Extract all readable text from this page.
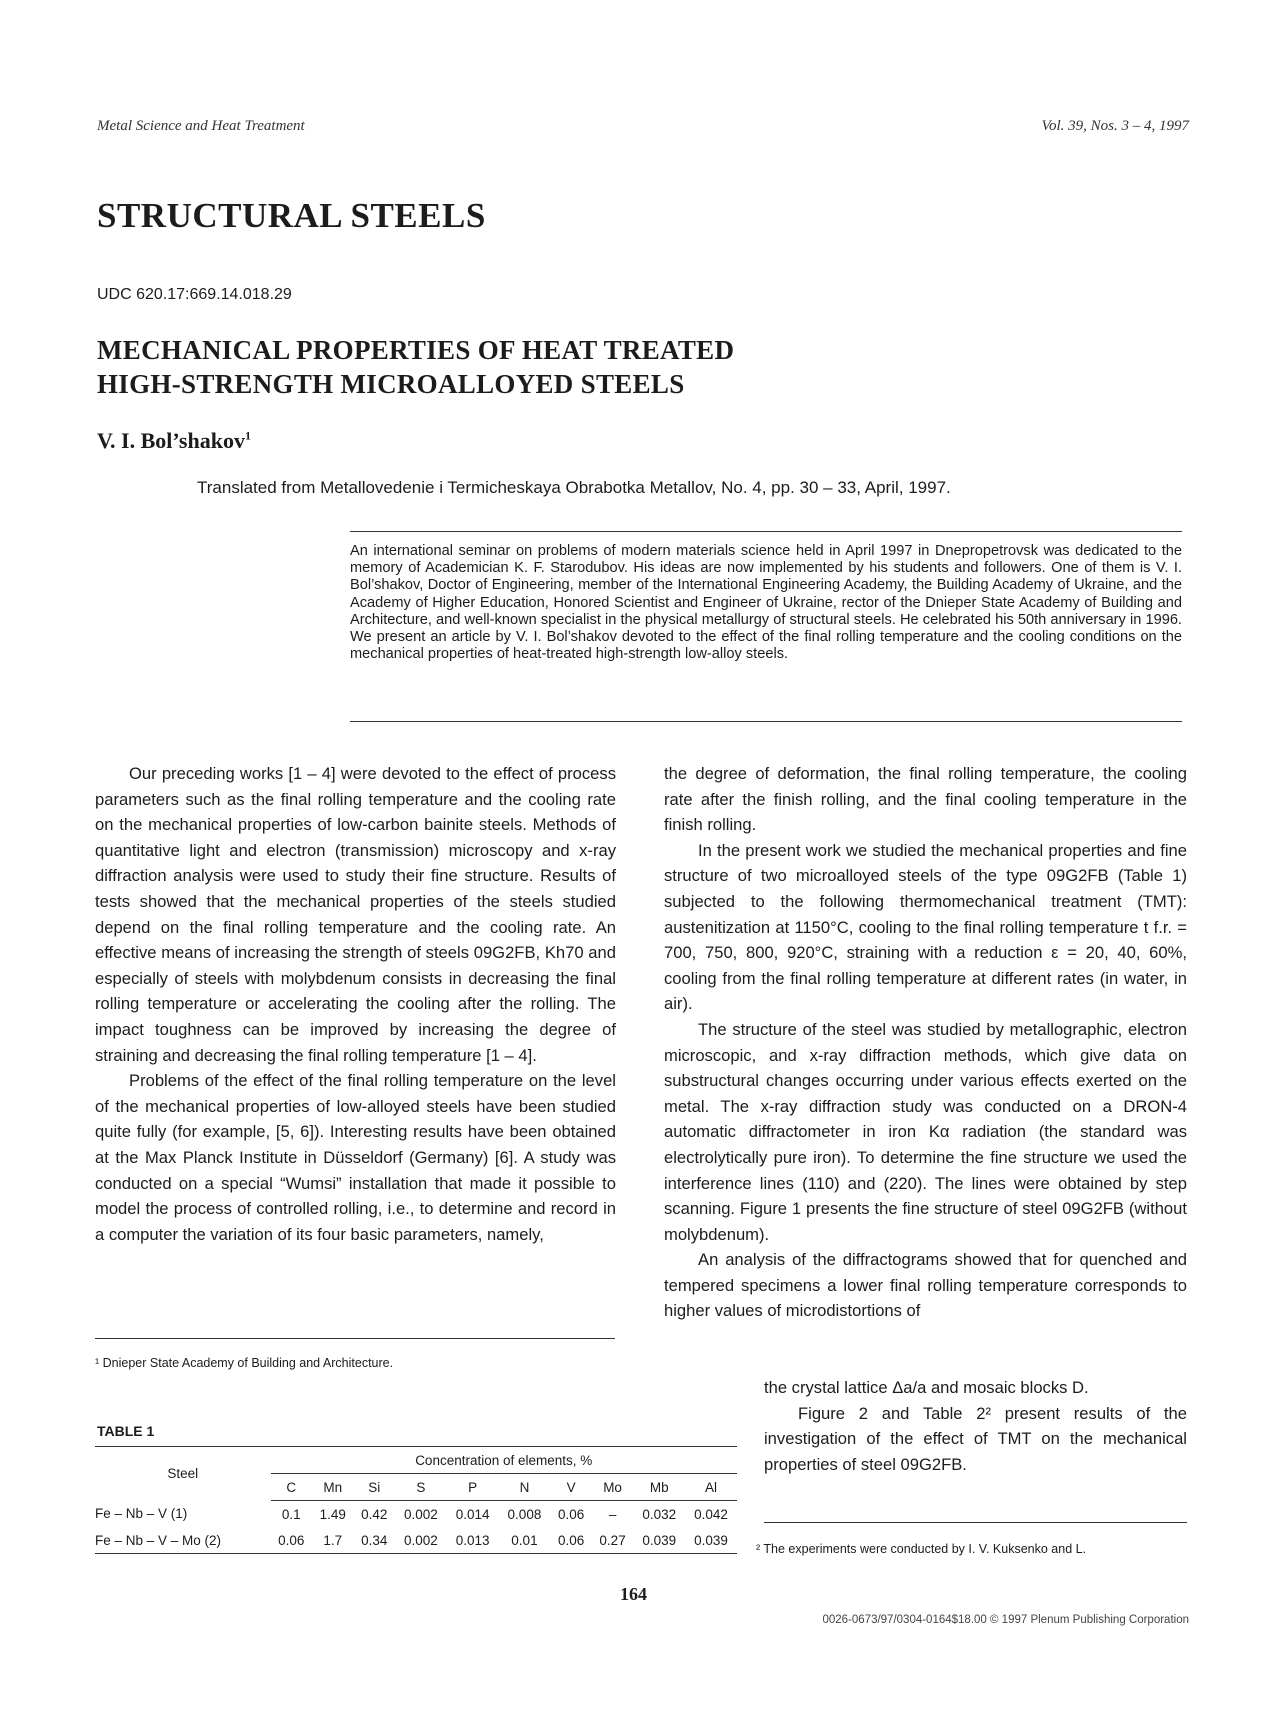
Metal Science and Heat Treatment	Vol. 39, Nos. 3 – 4, 1997
STRUCTURAL STEELS
UDC 620.17:669.14.018.29
MECHANICAL PROPERTIES OF HEAT TREATED
HIGH-STRENGTH MICROALLOYED STEELS
V. I. Bol’shakov$^1$
Translated from Metallovedenie i Termicheskaya Obrabotka Metallov, No. 4, pp. 30 – 33, April, 1997.
An international seminar on problems of modern materials science held in April 1997 in Dnepropetrovsk was dedicated to the memory of Academician K. F. Starodubov. His ideas are now implemented by his students and followers. One of them is V. I. Bol’shakov, Doctor of Engineering, member of the International Engineering Academy, the Building Academy of Ukraine, and the Academy of Higher Education, Honored Scientist and Engineer of Ukraine, rector of the Dnieper State Academy of Building and Architecture, and well-known specialist in the physical metallurgy of structural steels. He celebrated his 50th anniversary in 1996. We present an article by V. I. Bol’shakov devoted to the effect of the final rolling temperature and the cooling conditions on the mechanical properties of heat-treated high-strength low-alloy steels.

Our preceding works [1 – 4] were devoted to the effect of process parameters such as the final rolling temperature and the cooling rate on the mechanical properties of low-carbon bainite steels. Methods of quantitative light and electron (transmission) microscopy and x-ray diffraction analysis were used to study their fine structure. Results of tests showed that the mechanical properties of the steels studied depend on the final rolling temperature and the cooling rate. An effective means of increasing the strength of steels 09G2FB, Kh70 and especially of steels with molybdenum consists in decreasing the final rolling temperature or accelerating the cooling after the rolling. The impact toughness can be improved by increasing the degree of straining and decreasing the final rolling temperature [1 – 4].

Problems of the effect of the final rolling temperature on the level of the mechanical properties of low-alloyed steels have been studied quite fully (for example, [5, 6]). Interesting results have been obtained at the Max Planck Institute in Düsseldorf (Germany) [6]. A study was conducted on a special “Wumsi” installation that made it possible to model the process of controlled rolling, i.e., to determine and record in a computer the variation of its four basic parameters, namely,

¹ Dnieper State Academy of Building and Architecture.
TABLE 1
Steel	Concentration of elements, %									
	C	Mn	Si	S	P	N	V	Mo	Mb	Al
Fe – Nb – V (1)	0.1	1.49	0.42	0.002	0.014	0.008	0.06	–	0.032	0.042
Fe – Nb – V – Mo (2)	0.06	1.7	0.34	0.002	0.013	0.01	0.06	0.27	0.039	0.039

the degree of deformation, the final rolling temperature, the cooling rate after the finish rolling, and the final cooling temperature in the finish rolling.

In the present work we studied the mechanical properties and fine structure of two microalloyed steels of the type 09G2FB (Table 1) subjected to the following thermomechanical treatment (TMT): austenitization at 1150°C, cooling to the final rolling temperature t f.r. = 700, 750, 800, 920°C, straining with a reduction ε = 20, 40, 60%, cooling from the final rolling temperature at different rates (in water, in air).

The structure of the steel was studied by metallographic, electron microscopic, and x-ray diffraction methods, which give data on substructural changes occurring under various effects exerted on the metal. The x-ray diffraction study was conducted on a DRON-4 automatic diffractometer in iron Kα radiation (the standard was electrolytically pure iron). To determine the fine structure we used the interference lines (110) and (220). The lines were obtained by step scanning. Figure 1 presents the fine structure of steel 09G2FB (without molybdenum).

An analysis of the diffractograms showed that for quenched and tempered specimens a lower final rolling temperature corresponds to higher values of microdistortions of

the crystal lattice Δa/a and mosaic blocks D.

Figure 2 and Table 2² present results of the investigation of the effect of TMT on the mechanical properties of steel 09G2FB.

² The experiments were conducted by I. V. Kuksenko and L.
164
0026-0673/97/0304-0164$18.00 © 1997 Plenum Publishing Corporation
